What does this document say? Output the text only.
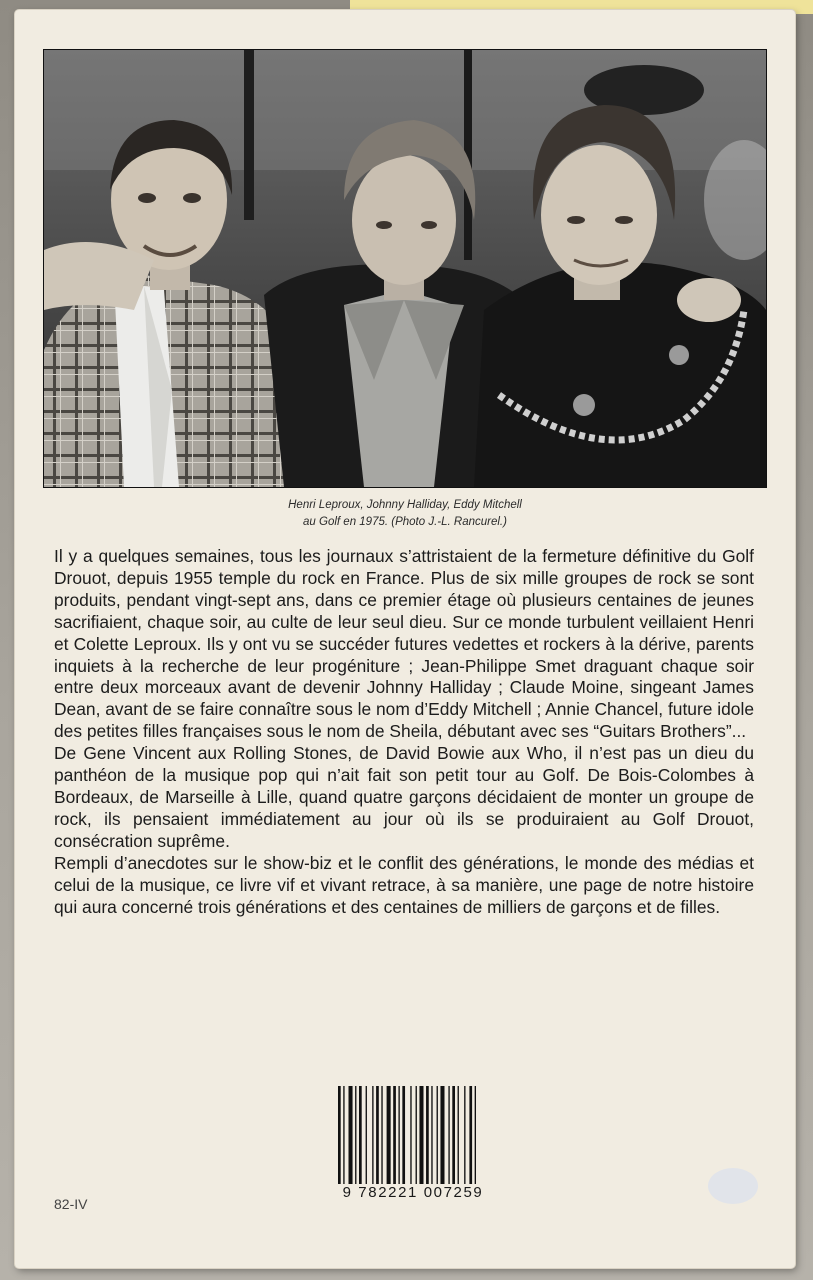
Henri Leproux, Johnny Halliday, Eddy Mitchell
au Golf en 1975. (Photo J.-L. Rancurel.)

Il y a quelques semaines, tous les journaux s’attristaient de la fermeture définitive du Golf Drouot, depuis 1955 temple du rock en France. Plus de six mille groupes de rock se sont produits, pendant vingt-sept ans, dans ce premier étage où plusieurs centaines de jeunes sacrifiaient, chaque soir, au culte de leur seul dieu. Sur ce monde turbulent veillaient Henri et Colette Leproux. Ils y ont vu se succéder futures vedettes et rockers à la dérive, parents inquiets à la recherche de leur progéniture ; Jean-Philippe Smet draguant chaque soir entre deux morceaux avant de devenir Johnny Halliday ; Claude Moine, singeant James Dean, avant de se faire connaître sous le nom d’Eddy Mitchell ; Annie Chancel, future idole des petites filles françaises sous le nom de Sheila, débutant avec ses “Guitars Brothers”...

De Gene Vincent aux Rolling Stones, de David Bowie aux Who, il n’est pas un dieu du panthéon de la musique pop qui n’ait fait son petit tour au Golf. De Bois-Colombes à Bordeaux, de Marseille à Lille, quand quatre garçons décidaient de monter un groupe de rock, ils pensaient immédiatement au jour où ils se produiraient au Golf Drouot, consécration suprême.

Rempli d’anecdotes sur le show-biz et le conflit des générations, le monde des médias et celui de la musique, ce livre vif et vivant retrace, à sa manière, une page de notre histoire qui aura concerné trois générations et des centaines de milliers de garçons et de filles.

9 782221 007259
82-IV
